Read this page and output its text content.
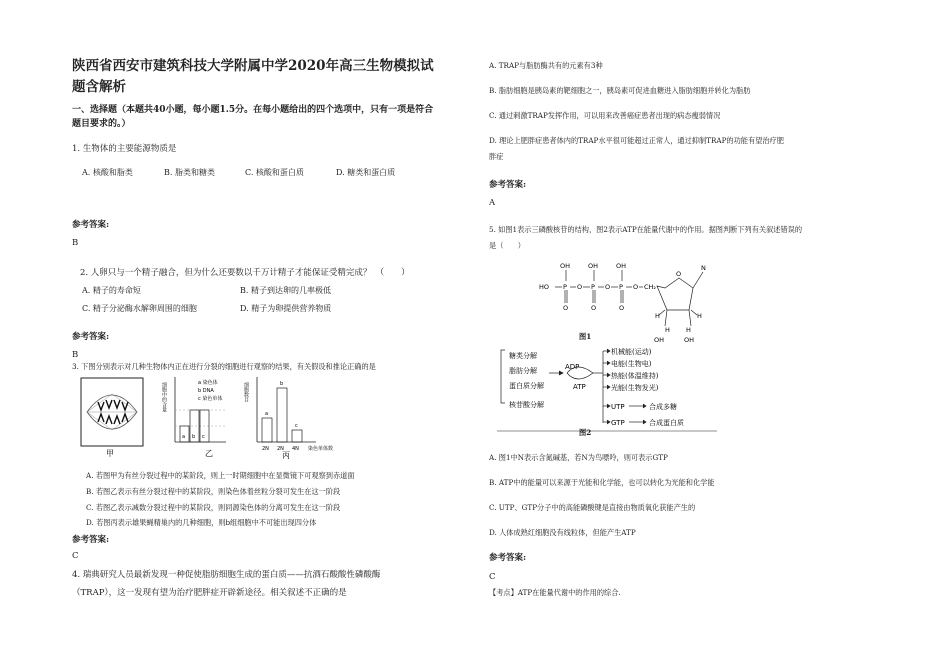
陕西省西安市建筑科技大学附属中学2020年高三生物模拟试
题含解析
一、选择题（本题共40小题，每小题1.5分。在每小题给出的四个选项中，只有一项是符合
题目要求的。）
1. 生物体的主要能源物质是
A. 核酸和脂类	B. 脂类和糖类	C. 核酸和蛋白质	D. 糖类和蛋白质
参考答案:
B
2. 人卵只与一个精子融合，但为什么还要数以千万计精子才能保证受精完成？　（　　）
A. 精子的寿命短	B. 精子到达卵的几率极低
C. 精子分泌酶水解卵周围的细胞	D. 精子为卵提供营养物质
参考答案:
B
3. 下图分别表示对几种生物体内正在进行分裂的细胞进行观察的结果，有关假设和推论正确的是
甲
细胞中的含量
a b c
a 染色体
b DNA
c 染色单体
乙
细胞数目
a
b
c
2N 2N 4N 染色单体数
丙
A. 若图甲为有丝分裂过程中的某阶段，则上一时期细胞中在显微镜下可观察到赤道面
B. 若图乙表示有丝分裂过程中的某阶段，则染色体着丝粒分裂可发生在这一阶段
C. 若图乙表示减数分裂过程中的某阶段，则同源染色体的分离可发生在这一阶段
D. 若图丙表示雄果蝇精巢内的几种细胞，则b组细胞中不可能出现四分体
参考答案:
C
4. 瑞典研究人员最新发现一种促使脂肪细胞生成的蛋白质——抗酒石酸酸性磷酸酶
（TRAP），这一发现有望为治疗肥胖症开辟新途径。相关叙述不正确的是
A. TRAP与脂肪酶共有的元素有3种
B. 脂肪细胞是胰岛素的靶细胞之一，胰岛素可促进血糖进入脂肪细胞并转化为脂肪
C. 通过刺激TRAP发挥作用，可以用来改善癌症患者出现的病态瘦弱情况
D. 理论上肥胖症患者体内的TRAP水平很可能超过正常人，通过抑制TRAP的功能有望治疗肥
胖症
参考答案:
A
5. 如图1表示三磷酸核苷的结构，图2表示ATP在能量代谢中的作用。据图判断下列有关叙述错误的
是（　　）
OH	OH	OH
HO P O P O P O CH₂
O	O	O
O
N
H	H
H H
OH	OH
图1
糖类分解
脂肪分解
蛋白质分解
核苷酸分解
ADP
ATP
机械能(运动)
电能(生物电)
热能(体温维持)
光能(生物发光)
UTP
GTP
合成多糖
合成蛋白质
图2
A. 图1中N表示含氮碱基，若N为鸟嘌呤，则可表示GTP
B. ATP中的能量可以来源于光能和化学能，也可以转化为光能和化学能
C. UTP、GTP分子中的高能磷酸键是直接由物质氧化获能产生的
D. 人体成熟红细胞没有线粒体，但能产生ATP
参考答案:
C
【考点】ATP在能量代谢中的作用的综合.
